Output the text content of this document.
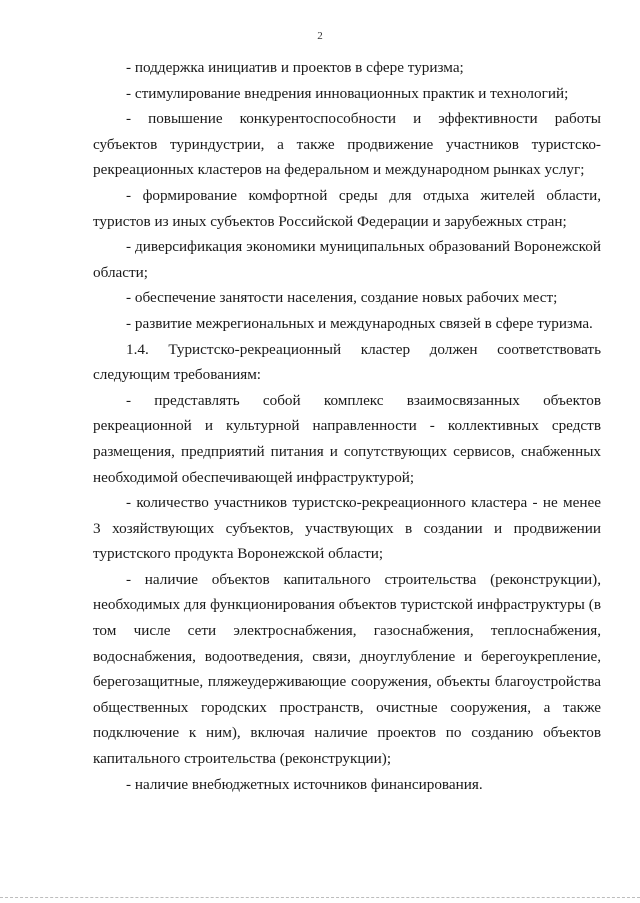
2

- поддержка инициатив и проектов в сфере туризма;

- стимулирование внедрения инновационных практик и технологий;

- повышение конкурентоспособности и эффективности работы субъектов туриндустрии, а также продвижение участников туристско-рекреационных кластеров на федеральном и международном рынках услуг;

- формирование комфортной среды для отдыха жителей области, туристов из иных субъектов Российской Федерации и зарубежных стран;

- диверсификация экономики муниципальных образований Воронежской области;

- обеспечение занятости населения, создание новых рабочих мест;

- развитие межрегиональных и международных связей в сфере туризма.

1.4. Туристско-рекреационный кластер должен соответствовать следующим требованиям:

- представлять собой комплекс взаимосвязанных объектов рекреационной и культурной направленности - коллективных средств размещения, предприятий питания и сопутствующих сервисов, снабженных необходимой обеспечивающей инфраструктурой;

- количество участников туристско-рекреационного кластера - не менее 3 хозяйствующих субъектов, участвующих в создании и продвижении туристского продукта Воронежской области;

- наличие объектов капитального строительства (реконструкции), необходимых для функционирования объектов туристской инфраструктуры (в том числе сети электроснабжения, газоснабжения, теплоснабжения, водоснабжения, водоотведения, связи, дноуглубление и берегоукрепление, берегозащитные, пляжеудерживающие сооружения, объекты благоустройства общественных городских пространств, очистные сооружения, а также подключение к ним), включая наличие проектов по созданию объектов капитального строительства (реконструкции);

- наличие внебюджетных источников финансирования.
